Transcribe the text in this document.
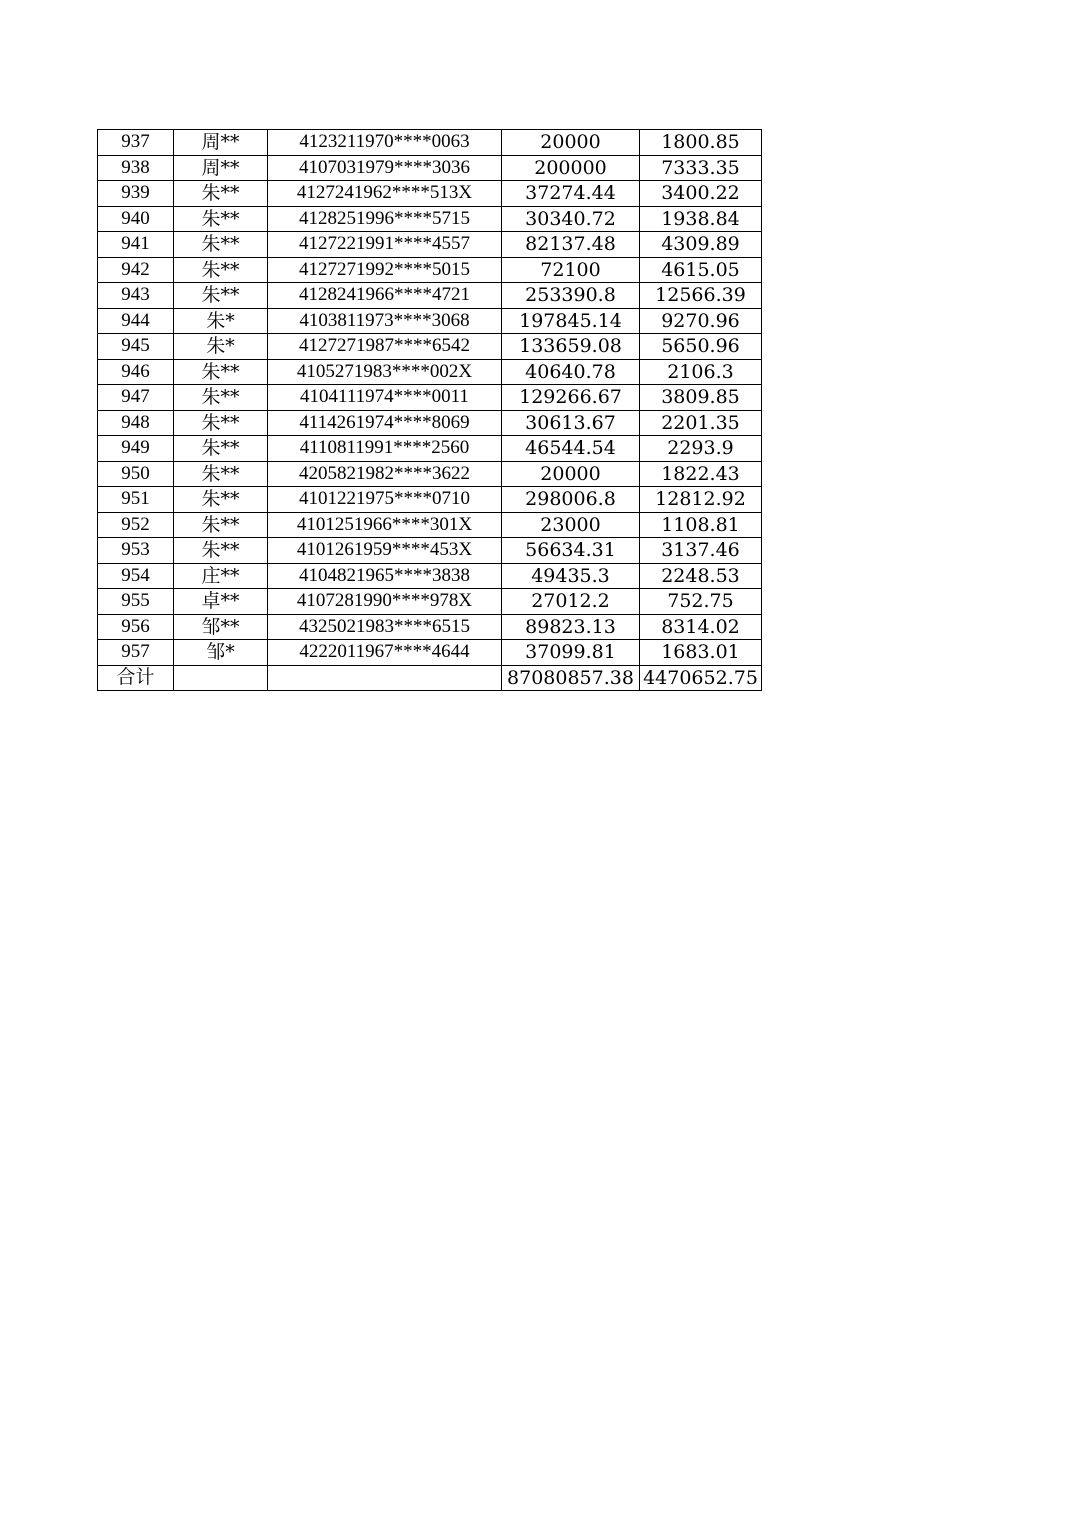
937	周**	4123211970****0063	20000	1800.85
938	周**	4107031979****3036	200000	7333.35
939	朱**	4127241962****513X	37274.44	3400.22
940	朱**	4128251996****5715	30340.72	1938.84
941	朱**	4127221991****4557	82137.48	4309.89
942	朱**	4127271992****5015	72100	4615.05
943	朱**	4128241966****4721	253390.8	12566.39
944	朱*	4103811973****3068	197845.14	9270.96
945	朱*	4127271987****6542	133659.08	5650.96
946	朱**	4105271983****002X	40640.78	2106.3
947	朱**	4104111974****0011	129266.67	3809.85
948	朱**	4114261974****8069	30613.67	2201.35
949	朱**	4110811991****2560	46544.54	2293.9
950	朱**	4205821982****3622	20000	1822.43
951	朱**	4101221975****0710	298006.8	12812.92
952	朱**	4101251966****301X	23000	1108.81
953	朱**	4101261959****453X	56634.31	3137.46
954	庄**	4104821965****3838	49435.3	2248.53
955	卓**	4107281990****978X	27012.2	752.75
956	邹**	4325021983****6515	89823.13	8314.02
957	邹*	4222011967****4644	37099.81	1683.01
合计			87080857.38	4470652.75
